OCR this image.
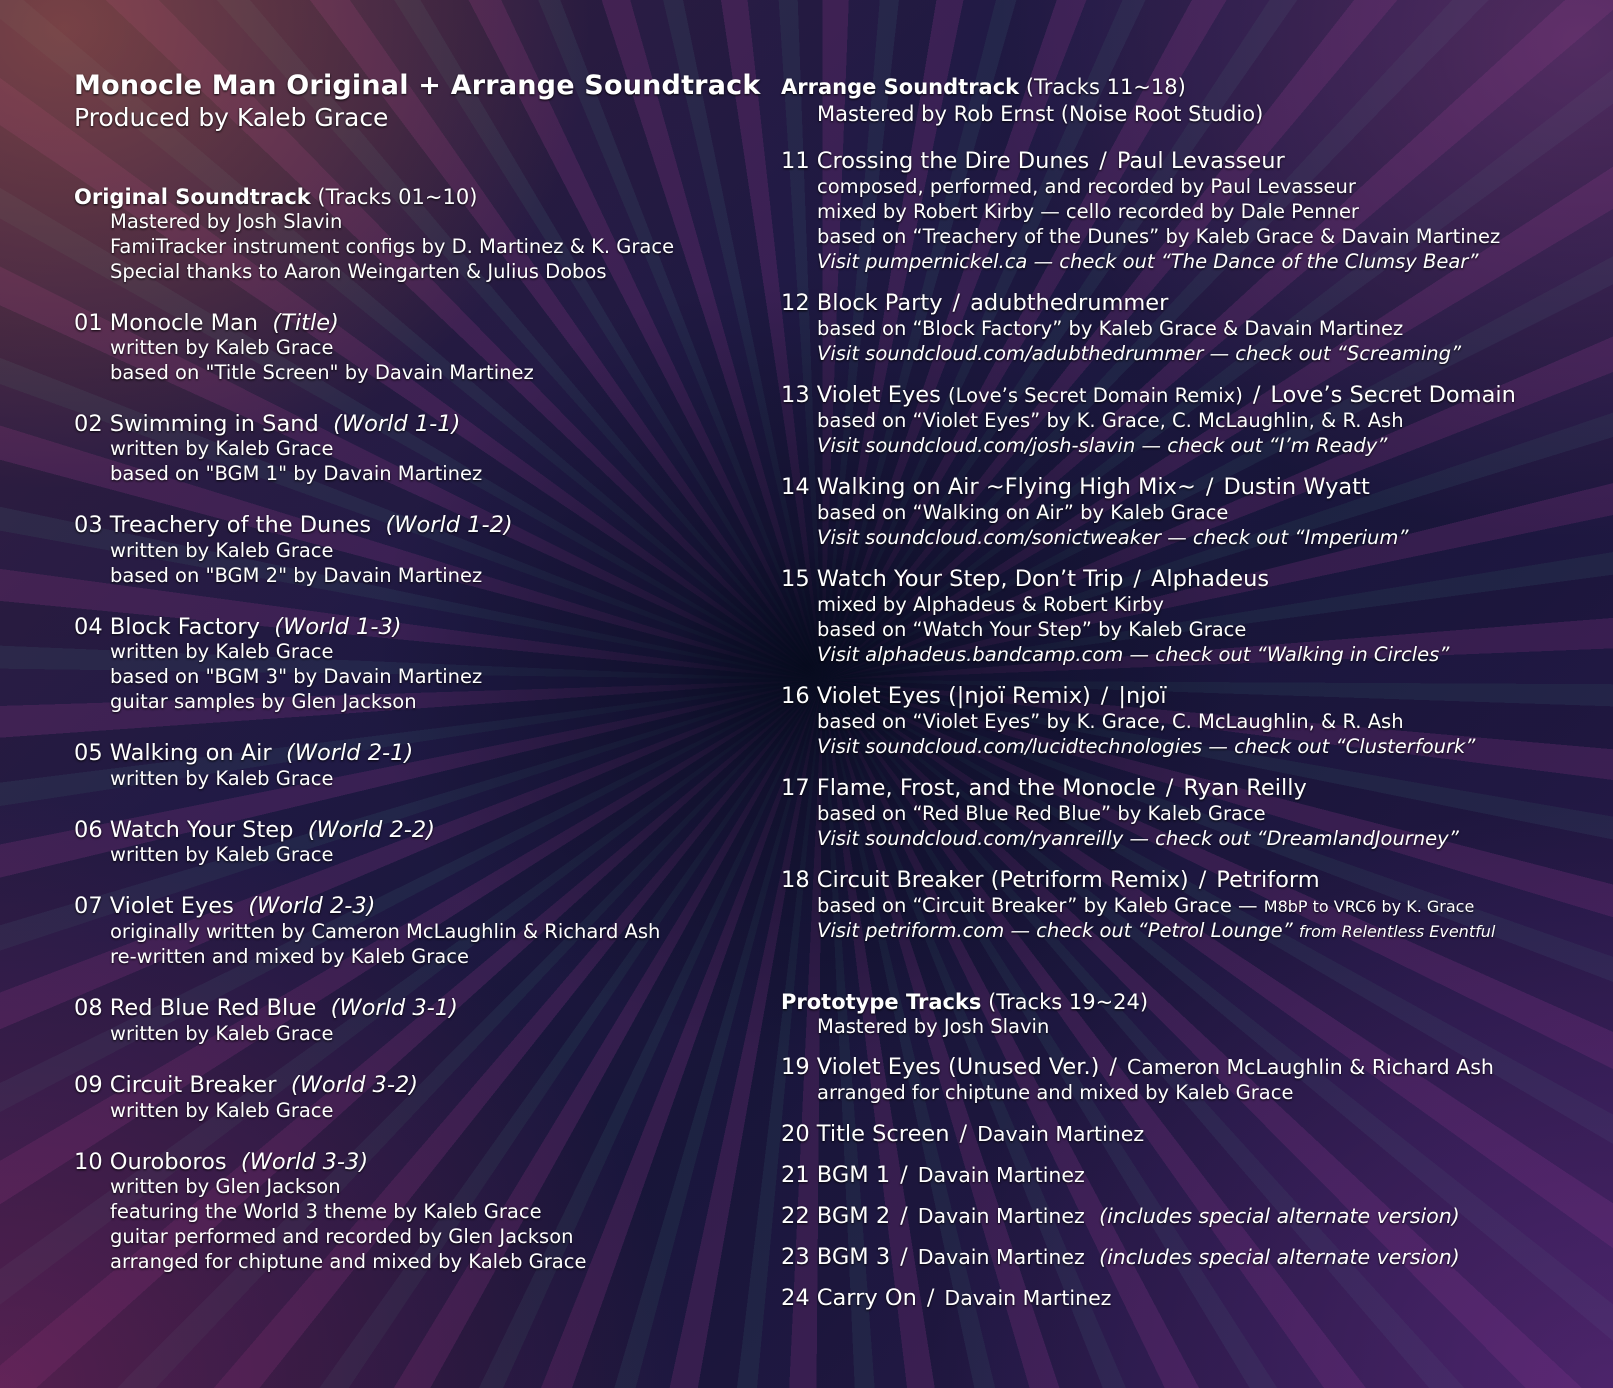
Monocle Man Original + Arrange Soundtrack
Produced by Kaleb Grace
Original Soundtrack (Tracks 01~10)
Mastered by Josh Slavin
FamiTracker instrument configs by D. Martinez & K. Grace
Special thanks to Aaron Weingarten & Julius Dobos
01 Monocle Man (Title)
written by Kaleb Grace
based on "Title Screen" by Davain Martinez
02 Swimming in Sand (World 1-1)
written by Kaleb Grace
based on "BGM 1" by Davain Martinez
03 Treachery of the Dunes (World 1-2)
written by Kaleb Grace
based on "BGM 2" by Davain Martinez
04 Block Factory (World 1-3)
written by Kaleb Grace
based on "BGM 3" by Davain Martinez
guitar samples by Glen Jackson
05 Walking on Air (World 2-1)
written by Kaleb Grace
06 Watch Your Step (World 2-2)
written by Kaleb Grace
07 Violet Eyes (World 2-3)
originally written by Cameron McLaughlin & Richard Ash
re-written and mixed by Kaleb Grace
08 Red Blue Red Blue (World 3-1)
written by Kaleb Grace
09 Circuit Breaker (World 3-2)
written by Kaleb Grace
10 Ouroboros (World 3-3)
written by Glen Jackson
featuring the World 3 theme by Kaleb Grace
guitar performed and recorded by Glen Jackson
arranged for chiptune and mixed by Kaleb Grace
Arrange Soundtrack (Tracks 11~18)
Mastered by Rob Ernst (Noise Root Studio)
11 Crossing the Dire Dunes / Paul Levasseur
composed, performed, and recorded by Paul Levasseur
mixed by Robert Kirby — cello recorded by Dale Penner
based on “Treachery of the Dunes” by Kaleb Grace & Davain Martinez
Visit pumpernickel.ca — check out “The Dance of the Clumsy Bear”
12 Block Party / adubthedrummer
based on “Block Factory” by Kaleb Grace & Davain Martinez
Visit soundcloud.com/adubthedrummer — check out “Screaming”
13 Violet Eyes (Love’s Secret Domain Remix) / Love’s Secret Domain
based on “Violet Eyes” by K. Grace, C. McLaughlin, & R. Ash
Visit soundcloud.com/josh-slavin — check out “I’m Ready”
14 Walking on Air ~Flying High Mix~ / Dustin Wyatt
based on “Walking on Air” by Kaleb Grace
Visit soundcloud.com/sonictweaker — check out “Imperium”
15 Watch Your Step, Don’t Trip / Alphadeus
mixed by Alphadeus & Robert Kirby
based on “Watch Your Step” by Kaleb Grace
Visit alphadeus.bandcamp.com — check out “Walking in Circles”
16 Violet Eyes (|njoï Remix) / |njoï
based on “Violet Eyes” by K. Grace, C. McLaughlin, & R. Ash
Visit soundcloud.com/lucidtechnologies — check out “Clusterfourk”
17 Flame, Frost, and the Monocle / Ryan Reilly
based on “Red Blue Red Blue” by Kaleb Grace
Visit soundcloud.com/ryanreilly — check out “DreamlandJourney”
18 Circuit Breaker (Petriform Remix) / Petriform
based on “Circuit Breaker” by Kaleb Grace — M8bP to VRC6 by K. Grace
Visit petriform.com — check out “Petrol Lounge” from Relentless Eventful
Prototype Tracks (Tracks 19~24)
Mastered by Josh Slavin
19 Violet Eyes (Unused Ver.) / Cameron McLaughlin & Richard Ash
arranged for chiptune and mixed by Kaleb Grace
20 Title Screen / Davain Martinez
21 BGM 1 / Davain Martinez
22 BGM 2 / Davain Martinez (includes special alternate version)
23 BGM 3 / Davain Martinez (includes special alternate version)
24 Carry On / Davain Martinez
